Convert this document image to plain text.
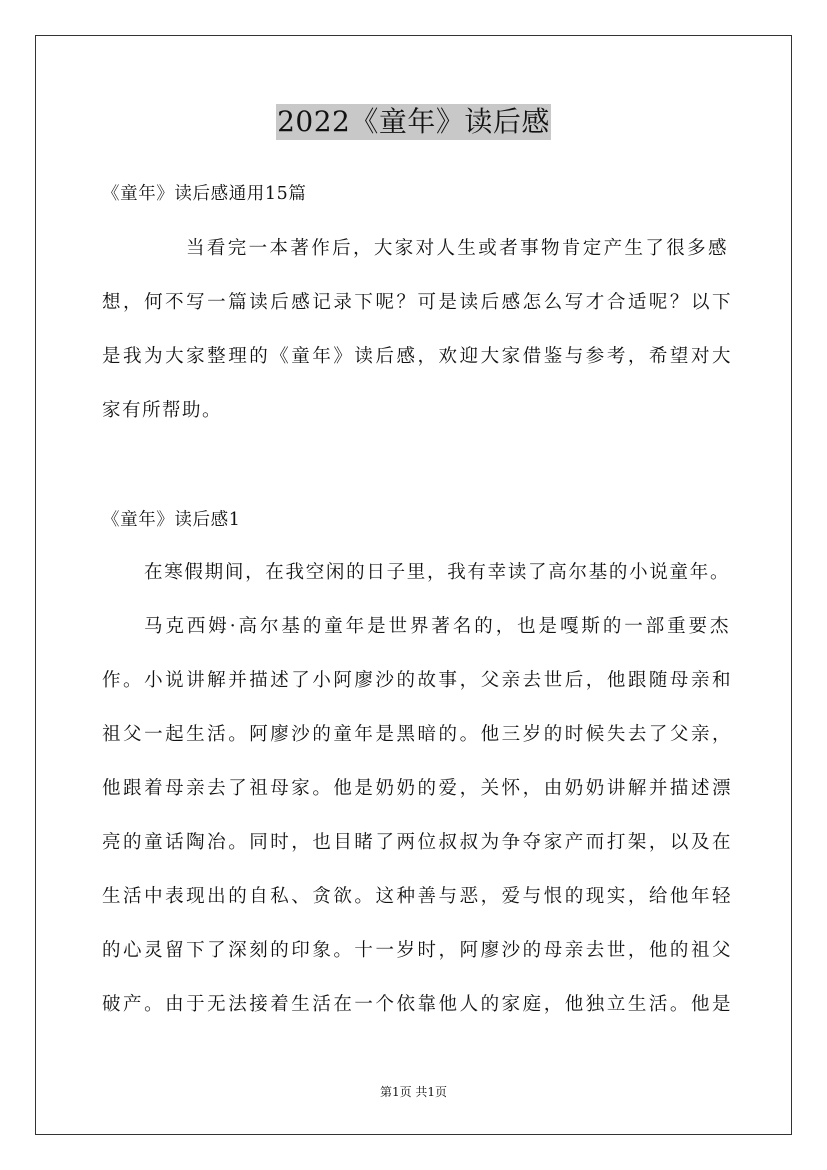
2022《童年》读后感
《童年》读后感通用15篇
当看完一本著作后，大家对人生或者事物肯定产生了很多感
想，何不写一篇读后感记录下呢？可是读后感怎么写才合适呢？以下
是我为大家整理的《童年》读后感，欢迎大家借鉴与参考，希望对大
家有所帮助。
《童年》读后感1
在寒假期间，在我空闲的日子里，我有幸读了高尔基的小说童年。
马克西姆·高尔基的童年是世界著名的，也是嘎斯的一部重要杰
作。小说讲解并描述了小阿廖沙的故事，父亲去世后，他跟随母亲和
祖父一起生活。阿廖沙的童年是黑暗的。他三岁的时候失去了父亲，
他跟着母亲去了祖母家。他是奶奶的爱，关怀，由奶奶讲解并描述漂
亮的童话陶冶。同时，也目睹了两位叔叔为争夺家产而打架，以及在
生活中表现出的自私、贪欲。这种善与恶，爱与恨的现实，给他年轻
的心灵留下了深刻的印象。十一岁时，阿廖沙的母亲去世，他的祖父
破产。由于无法接着生活在一个依靠他人的家庭，他独立生活。他是
第1页 共1页
